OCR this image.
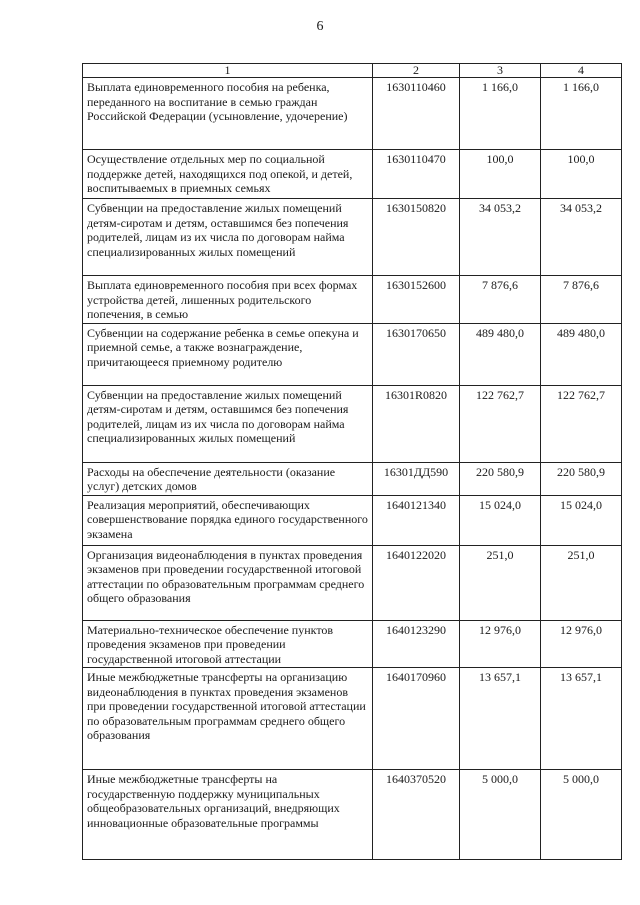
6
1	2	3	4
Выплата единовременного пособия на ребенка, переданного на воспитание в семью граждан Российской Федерации (усыновление, удочерение)	1630110460	1 166,0	1 166,0
Осуществление отдельных мер по социальной поддержке детей, находящихся под опекой, и детей, воспитываемых в приемных семьях	1630110470	100,0	100,0
Субвенции на предоставление жилых помещений детям-сиротам и детям, оставшимся без попечения родителей, лицам из их числа по договорам найма специализированных жилых помещений	1630150820	34 053,2	34 053,2
Выплата единовременного пособия при всех формах устройства детей, лишенных родительского попечения, в семью	1630152600	7 876,6	7 876,6
Субвенции на содержание ребенка в семье опекуна и приемной семье, а также вознаграждение, причитающееся приемному родителю	1630170650	489 480,0	489 480,0
Субвенции на предоставление жилых помещений детям-сиротам и детям, оставшимся без попечения родителей, лицам из их числа по договорам найма специализированных жилых помещений	16301R0820	122 762,7	122 762,7
Расходы на обеспечение деятельности (оказание услуг) детских домов	16301ДД590	220 580,9	220 580,9
Реализация мероприятий, обеспечивающих совершенствование порядка единого государственного экзамена	1640121340	15 024,0	15 024,0
Организация видеонаблюдения в пунктах проведения экзаменов при проведении государственной итоговой аттестации по образовательным программам среднего общего образования	1640122020	251,0	251,0
Материально-техническое обеспечение пунктов проведения экзаменов при проведении государственной итоговой аттестации	1640123290	12 976,0	12 976,0
Иные межбюджетные трансферты на организацию видеонаблюдения в пунктах проведения экзаменов при проведении государственной итоговой аттестации по образовательным программам среднего общего образования	1640170960	13 657,1	13 657,1
Иные межбюджетные трансферты на государственную поддержку муниципальных общеобразовательных организаций, внедряющих инновационные образовательные программы	1640370520	5 000,0	5 000,0
